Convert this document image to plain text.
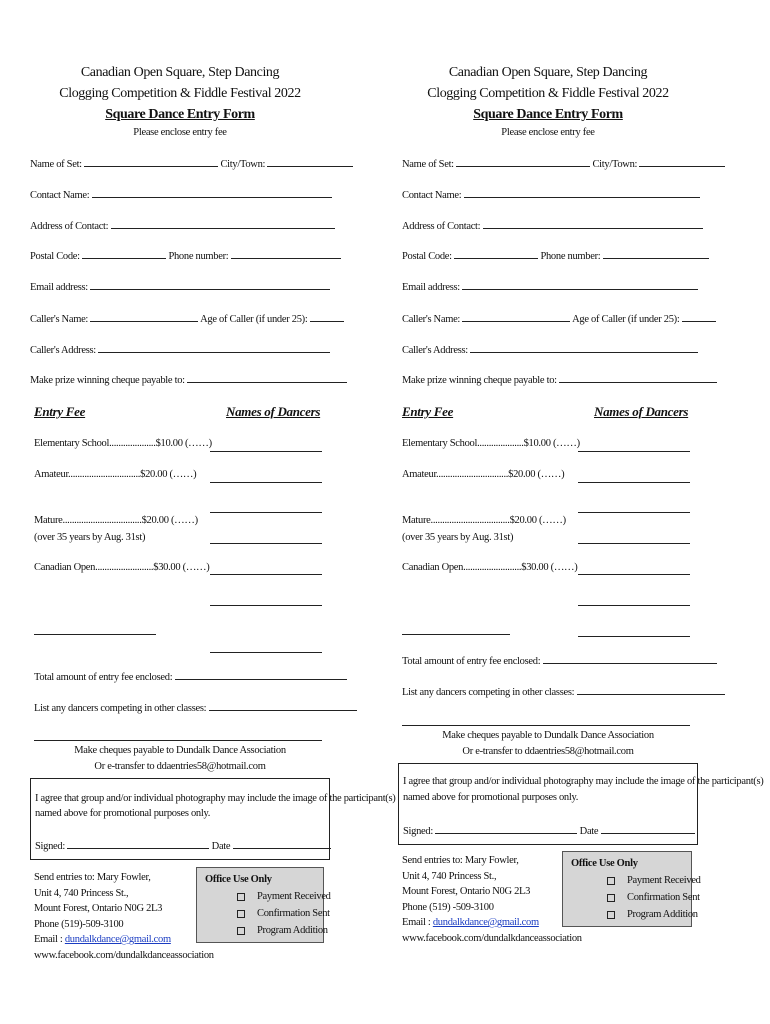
Canadian Open Square, Step Dancing
Clogging Competition & Fiddle Festival 2022
Square Dance Entry Form
Please enclose entry fee
Name of Set:	City/Town:
Contact Name:
Address of Contact:
Postal Code:	Phone number:
Email address:
Caller's Name:	Age of Caller (if under 25):
Caller's Address:
Make prize winning cheque payable to:
Entry Fee	Names of Dancers
Elementary School....................$10.00 (……)
Amateur...............................$20.00 (……)
Mature..................................$20.00 (……)
(over 35 years by Aug. 31st)
Canadian Open.........................$30.00 (……)
Total amount of entry fee enclosed:
List any dancers competing in other classes:
Make cheques payable to Dundalk Dance Association
Or e-transfer to ddaentries58@hotmail.com
I agree that group and/or individual photography may include the image of the participant(s)
named above for promotional purposes only.
Signed:	Date
Send entries to: Mary Fowler,
Unit 4, 740 Princess St.,
Mount Forest, Ontario N0G 2L3
Phone (519)-509-3100
Email : dundalkdance@gmail.com
www.facebook.com/dundalkdanceassociation
Office Use Only
Payment Received
Confirmation Sent
Program Addition
Canadian Open Square, Step Dancing
Clogging Competition & Fiddle Festival 2022
Square Dance Entry Form
Please enclose entry fee
Name of Set:	City/Town:
Contact Name:
Address of Contact:
Postal Code:	Phone number:
Email address:
Caller's Name:	Age of Caller (if under 25):
Caller's Address:
Make prize winning cheque payable to:
Entry Fee	Names of Dancers
Elementary School....................$10.00 (……)
Amateur...............................$20.00 (……)
Mature..................................$20.00 (……)
(over 35 years by Aug. 31st)
Canadian Open.........................$30.00 (……)
Total amount of entry fee enclosed:
List any dancers competing in other classes:
Make cheques payable to Dundalk Dance Association
Or e-transfer to ddaentries58@hotmail.com
I agree that group and/or individual photography may include the image of the participant(s)
named above for promotional purposes only.
Signed:	Date
Send entries to: Mary Fowler,
Unit 4, 740 Princess St.,
Mount Forest, Ontario N0G 2L3
Phone (519) -509-3100
Email : dundalkdance@gmail.com
www.facebook.com/dundalkdanceassociation
Office Use Only
Payment Received
Confirmation Sent
Program Addition
